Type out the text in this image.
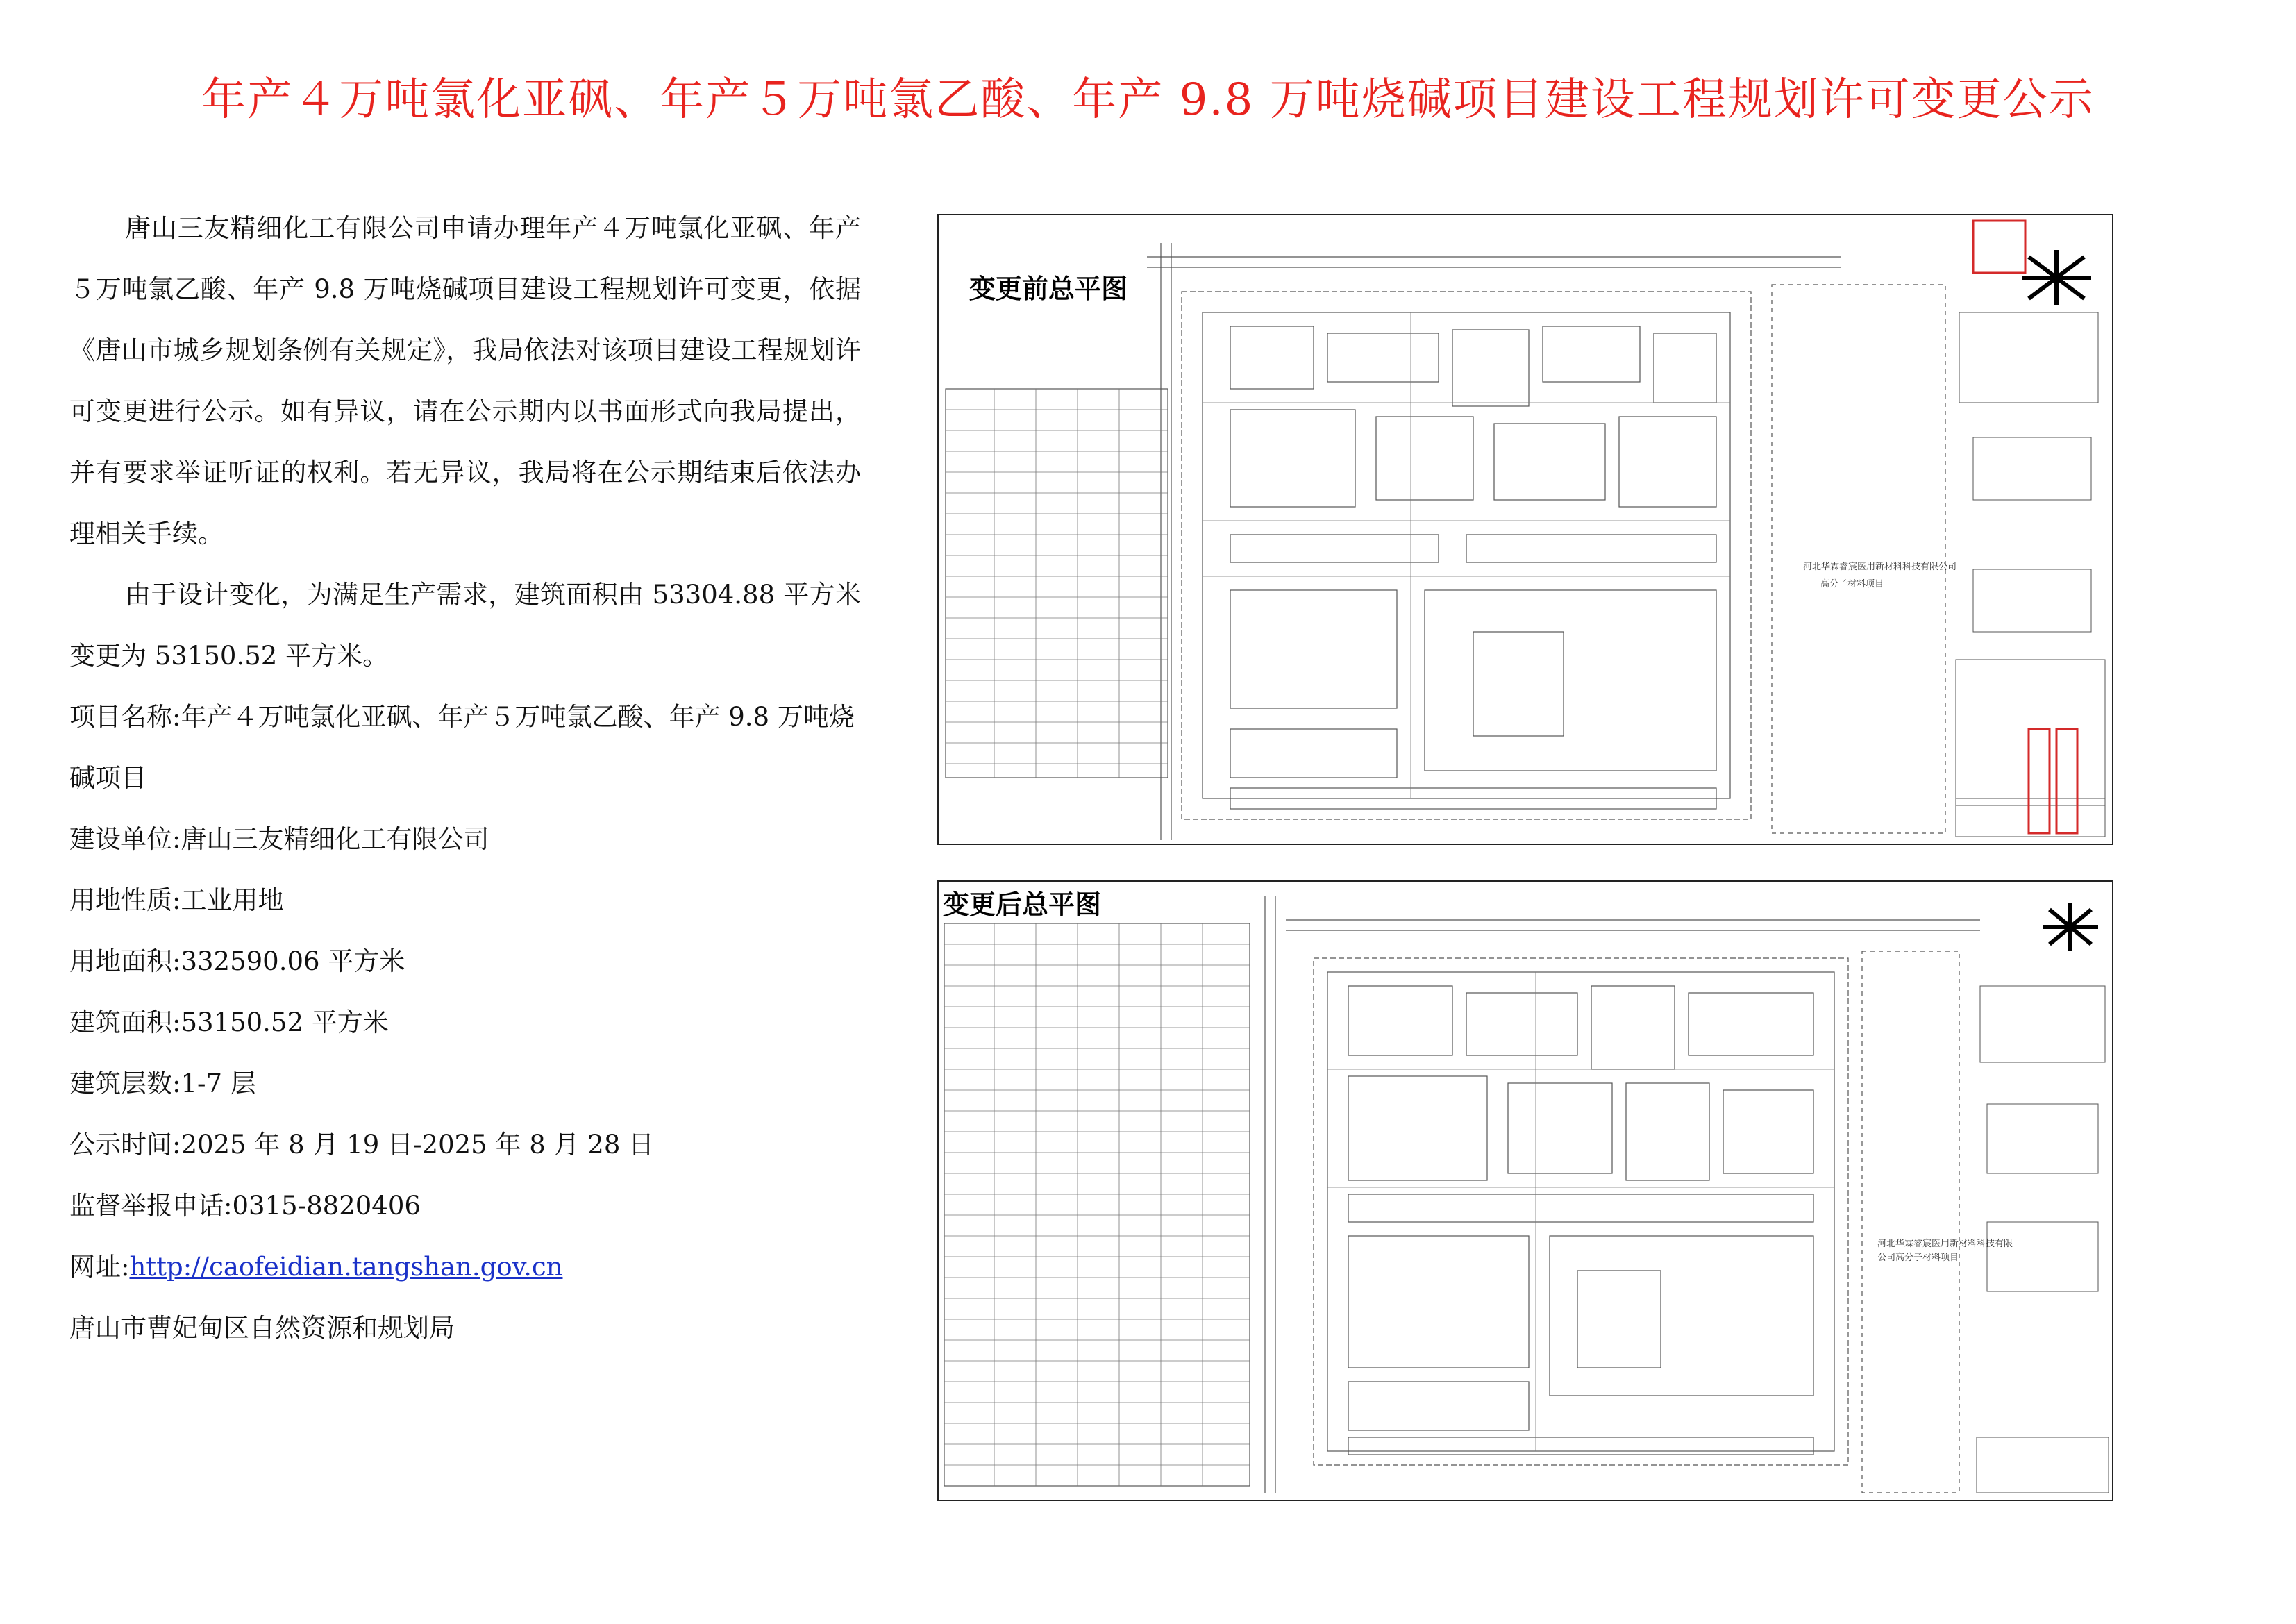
年产４万吨氯化亚砜、年产５万吨氯乙酸、年产 9.8 万吨烧碱项目建设工程规划许可变更公示

唐山三友精细化工有限公司申请办理年产４万吨氯化亚砜、年产５万吨氯乙酸、年产 9.8 万吨烧碱项目建设工程规划许可变更，依据《唐山市城乡规划条例有关规定》，我局依法对该项目建设工程规划许可变更进行公示。如有异议，请在公示期内以书面形式向我局提出，并有要求举证听证的权利。若无异议，我局将在公示期结束后依法办理相关手续。

由于设计变化，为满足生产需求，建筑面积由 53304.88 平方米变更为 53150.52 平方米。

项目名称:年产４万吨氯化亚砜、年产５万吨氯乙酸、年产 9.8 万吨烧碱项目

建设单位:唐山三友精细化工有限公司

用地性质:工业用地

用地面积:332590.06 平方米

建筑面积:53150.52 平方米

建筑层数:1-7 层

公示时间:2025 年 8 月 19 日-2025 年 8 月 28 日

监督举报申话:0315-8820406

网址:http://caofeidian.tangshan.gov.cn

唐山市曹妃甸区自然资源和规划局

变更前总平图
河北华霖睿宸医用新材料科技有限公司
高分子材料项目
变更后总平图
河北华霖睿宸医用新材料科技有限
公司高分子材料项目
